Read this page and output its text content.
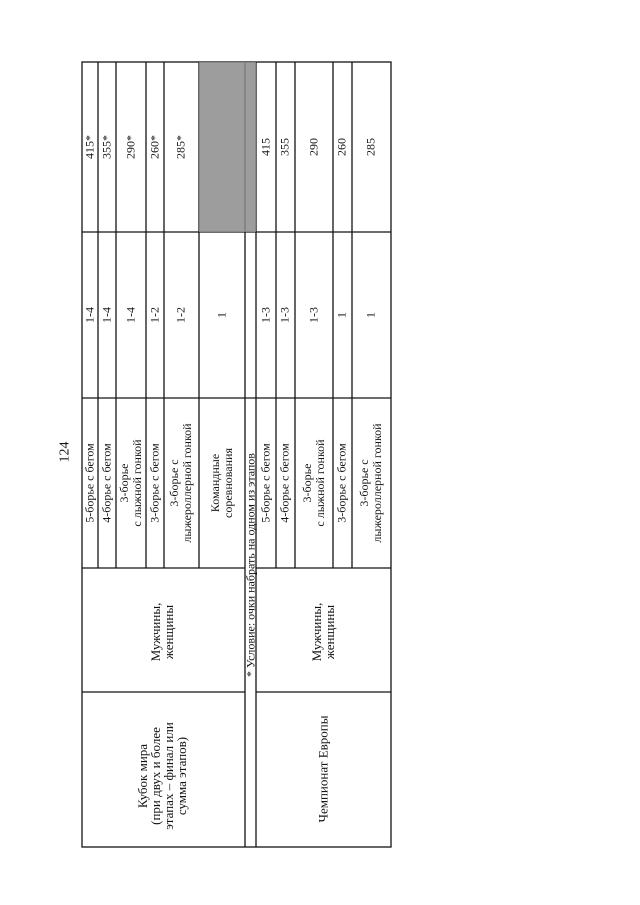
124
Кубок мира
(при двух и более
этапах – финал или
сумма этапов)
Мужчины,
женщины
5-борье с бегом 4-борье с бегом 3-борье с лыжной гонкой 3-борье с бегом 3-борье с лыжероллерной гонкой Командные соревнования
1-4 1-4 1-4 1-2 1-2 1
415* 355* 290* 260* 285*
* Условие: очки набрать на одном из этапов
Чемпионат Европы
Мужчины,
женщины
5-борье с бегом 4-борье с бегом 3-борье с лыжной гонкой 3-борье с бегом 3-борье с лыжероллерной гонкой
1-3 1-3 1-3 1 1
415 355 290 260 285
